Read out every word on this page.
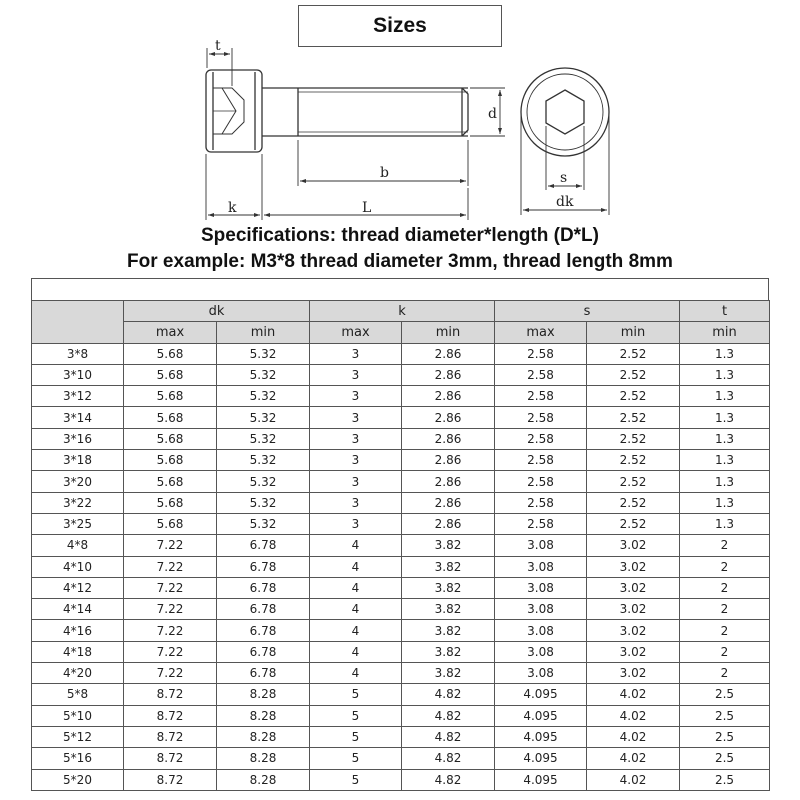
Sizes
t
d
b
k	L
s
dk
Specifications: thread diameter*length (D*L)
For example: M3*8 thread diameter 3mm, thread length 8mm
	dk		k		s		t
	max	min	max	min	max	min	min
3*8	5.68	5.32	3	2.86	2.58	2.52	1.3
3*10	5.68	5.32	3	2.86	2.58	2.52	1.3
3*12	5.68	5.32	3	2.86	2.58	2.52	1.3
3*14	5.68	5.32	3	2.86	2.58	2.52	1.3
3*16	5.68	5.32	3	2.86	2.58	2.52	1.3
3*18	5.68	5.32	3	2.86	2.58	2.52	1.3
3*20	5.68	5.32	3	2.86	2.58	2.52	1.3
3*22	5.68	5.32	3	2.86	2.58	2.52	1.3
3*25	5.68	5.32	3	2.86	2.58	2.52	1.3
4*8	7.22	6.78	4	3.82	3.08	3.02	2
4*10	7.22	6.78	4	3.82	3.08	3.02	2
4*12	7.22	6.78	4	3.82	3.08	3.02	2
4*14	7.22	6.78	4	3.82	3.08	3.02	2
4*16	7.22	6.78	4	3.82	3.08	3.02	2
4*18	7.22	6.78	4	3.82	3.08	3.02	2
4*20	7.22	6.78	4	3.82	3.08	3.02	2
5*8	8.72	8.28	5	4.82	4.095	4.02	2.5
5*10	8.72	8.28	5	4.82	4.095	4.02	2.5
5*12	8.72	8.28	5	4.82	4.095	4.02	2.5
5*16	8.72	8.28	5	4.82	4.095	4.02	2.5
5*20	8.72	8.28	5	4.82	4.095	4.02	2.5
